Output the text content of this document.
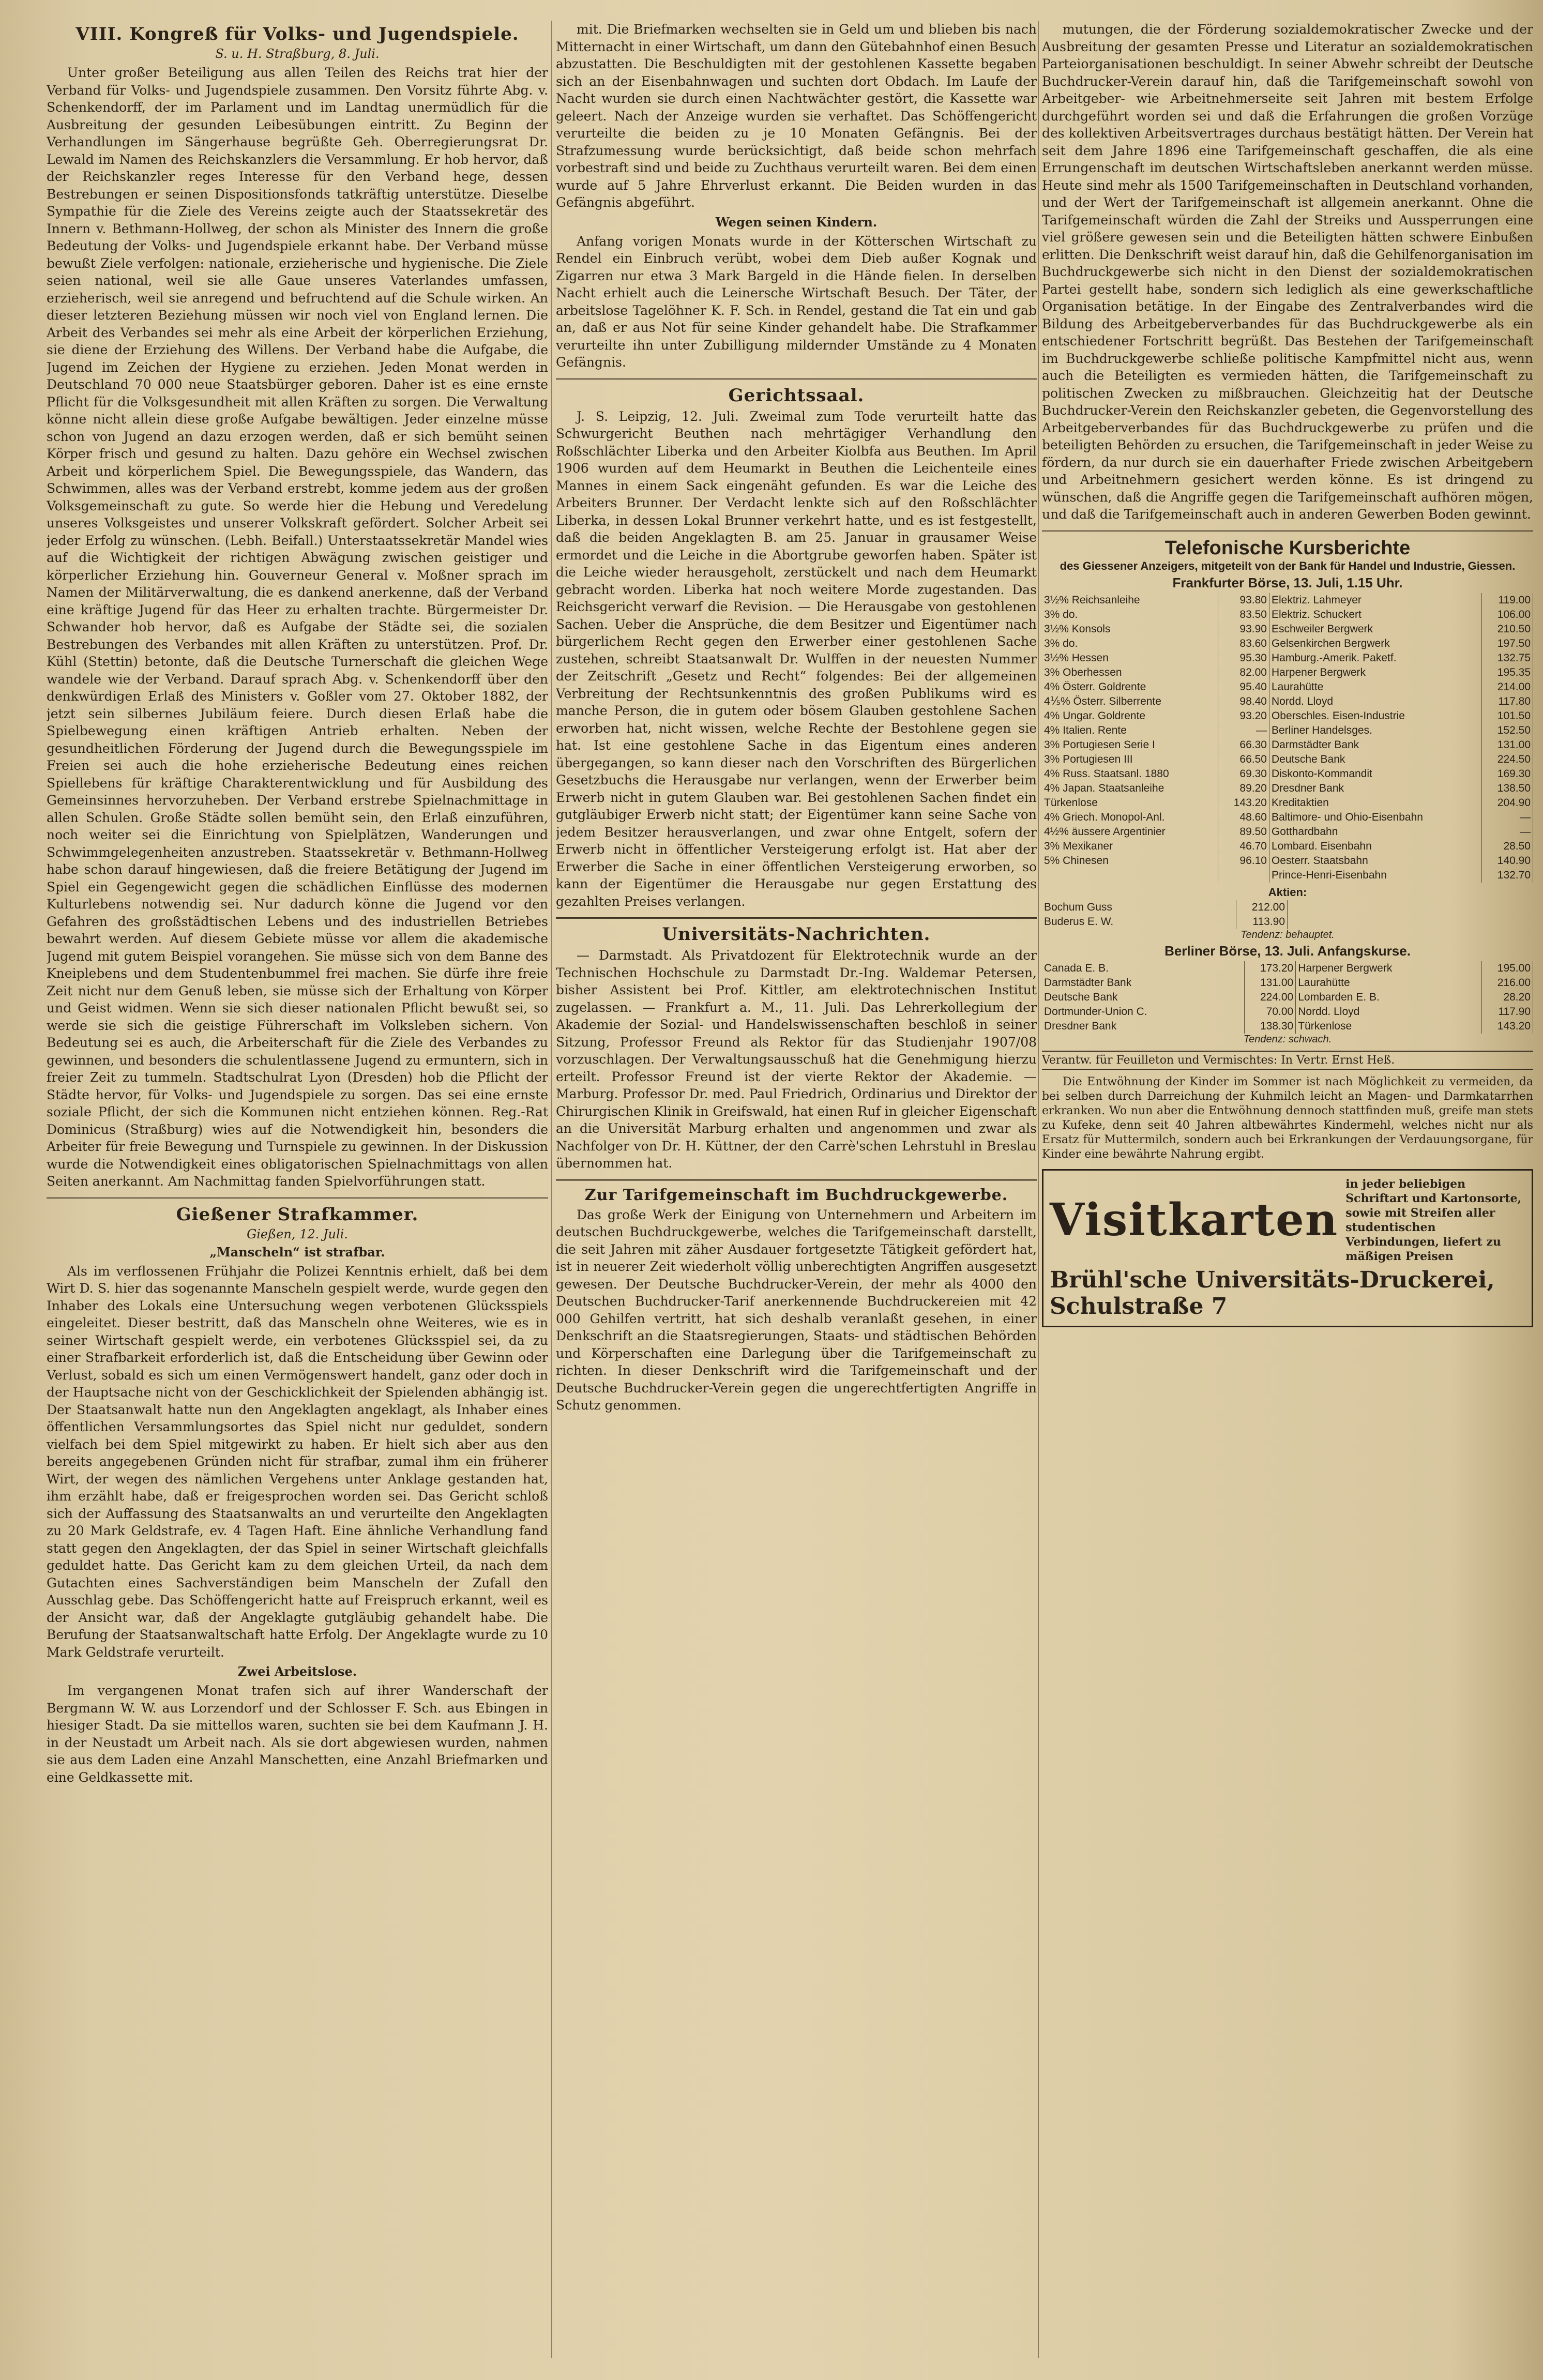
VIII. Kongreß für Volks- und Jugendspiele.
S. u. H. Straßburg, 8. Juli.

Unter großer Beteiligung aus allen Teilen des Reichs trat hier der Verband für Volks- und Jugendspiele zusammen. Den Vorsitz führte Abg. v. Schenkendorff, der im Parlament und im Landtag unermüdlich für die Ausbreitung der gesunden Leibesübungen eintritt. Zu Beginn der Verhandlungen im Sängerhause begrüßte Geh. Oberregierungsrat Dr. Lewald im Namen des Reichskanzlers die Versammlung. Er hob hervor, daß der Reichskanzler reges Interesse für den Verband hege, dessen Bestrebungen er seinen Dispositionsfonds tatkräftig unterstütze. Dieselbe Sympathie für die Ziele des Vereins zeigte auch der Staatssekretär des Innern v. Bethmann-Hollweg, der schon als Minister des Innern die große Bedeutung der Volks- und Jugendspiele erkannt habe. Der Verband müsse bewußt Ziele verfolgen: nationale, erzieherische und hygienische. Die Ziele seien national, weil sie alle Gaue unseres Vaterlandes umfassen, erzieherisch, weil sie anregend und befruchtend auf die Schule wirken. An dieser letzteren Beziehung müssen wir noch viel von England lernen. Die Arbeit des Verbandes sei mehr als eine Arbeit der körperlichen Erziehung, sie diene der Erziehung des Willens. Der Verband habe die Aufgabe, die Jugend im Zeichen der Hygiene zu erziehen. Jeden Monat werden in Deutschland 70 000 neue Staatsbürger geboren. Daher ist es eine ernste Pflicht für die Volksgesundheit mit allen Kräften zu sorgen. Die Verwaltung könne nicht allein diese große Aufgabe bewältigen. Jeder einzelne müsse schon von Jugend an dazu erzogen werden, daß er sich bemüht seinen Körper frisch und gesund zu halten. Dazu gehöre ein Wechsel zwischen Arbeit und körperlichem Spiel. Die Bewegungsspiele, das Wandern, das Schwimmen, alles was der Verband erstrebt, komme jedem aus der großen Volksgemeinschaft zu gute. So werde hier die Hebung und Veredelung unseres Volksgeistes und unserer Volkskraft gefördert. Solcher Arbeit sei jeder Erfolg zu wünschen. (Lebh. Beifall.) Unterstaatssekretär Mandel wies auf die Wichtigkeit der richtigen Abwägung zwischen geistiger und körperlicher Erziehung hin. Gouverneur General v. Moßner sprach im Namen der Militärverwaltung, die es dankend anerkenne, daß der Verband eine kräftige Jugend für das Heer zu erhalten trachte. Bürgermeister Dr. Schwander hob hervor, daß es Aufgabe der Städte sei, die sozialen Bestrebungen des Verbandes mit allen Kräften zu unterstützen. Prof. Dr. Kühl (Stettin) betonte, daß die Deutsche Turnerschaft die gleichen Wege wandele wie der Verband. Darauf sprach Abg. v. Schenkendorff über den denkwürdigen Erlaß des Ministers v. Goßler vom 27. Oktober 1882, der jetzt sein silbernes Jubiläum feiere. Durch diesen Erlaß habe die Spielbewegung einen kräftigen Antrieb erhalten. Neben der gesundheitlichen Förderung der Jugend durch die Bewegungsspiele im Freien sei auch die hohe erzieherische Bedeutung eines reichen Spiellebens für kräftige Charakterentwicklung und für Ausbildung des Gemeinsinnes hervorzuheben. Der Verband erstrebe Spielnachmittage in allen Schulen. Große Städte sollen bemüht sein, den Erlaß einzuführen, noch weiter sei die Einrichtung von Spielplätzen, Wanderungen und Schwimmgelegenheiten anzustreben. Staatssekretär v. Bethmann-Hollweg habe schon darauf hingewiesen, daß die freiere Betätigung der Jugend im Spiel ein Gegengewicht gegen die schädlichen Einflüsse des modernen Kulturlebens notwendig sei. Nur dadurch könne die Jugend vor den Gefahren des großstädtischen Lebens und des industriellen Betriebes bewahrt werden. Auf diesem Gebiete müsse vor allem die akademische Jugend mit gutem Beispiel vorangehen. Sie müsse sich von dem Banne des Kneiplebens und dem Studentenbummel frei machen. Sie dürfe ihre freie Zeit nicht nur dem Genuß leben, sie müsse sich der Erhaltung von Körper und Geist widmen. Wenn sie sich dieser nationalen Pflicht bewußt sei, so werde sie sich die geistige Führerschaft im Volksleben sichern. Von Bedeutung sei es auch, die Arbeiterschaft für die Ziele des Verbandes zu gewinnen, und besonders die schulentlassene Jugend zu ermuntern, sich in freier Zeit zu tummeln. Stadtschulrat Lyon (Dresden) hob die Pflicht der Städte hervor, für Volks- und Jugendspiele zu sorgen. Das sei eine ernste soziale Pflicht, der sich die Kommunen nicht entziehen können. Reg.-Rat Dominicus (Straßburg) wies auf die Notwendigkeit hin, besonders die Arbeiter für freie Bewegung und Turnspiele zu gewinnen. In der Diskussion wurde die Notwendigkeit eines obligatorischen Spielnachmittags von allen Seiten anerkannt. Am Nachmittag fanden Spielvorführungen statt.

Gießener Strafkammer.
Gießen, 12. Juli.
„Manscheln“ ist strafbar.

Als im verflossenen Frühjahr die Polizei Kenntnis erhielt, daß bei dem Wirt D. S. hier das sogenannte Manscheln gespielt werde, wurde gegen den Inhaber des Lokals eine Untersuchung wegen verbotenen Glücksspiels eingeleitet. Dieser bestritt, daß das Manscheln ohne Weiteres, wie es in seiner Wirtschaft gespielt werde, ein verbotenes Glücksspiel sei, da zu einer Strafbarkeit erforderlich ist, daß die Entscheidung über Gewinn oder Verlust, sobald es sich um einen Vermögenswert handelt, ganz oder doch in der Hauptsache nicht von der Geschicklichkeit der Spielenden abhängig ist. Der Staatsanwalt hatte nun den Angeklagten angeklagt, als Inhaber eines öffentlichen Versammlungsortes das Spiel nicht nur geduldet, sondern vielfach bei dem Spiel mitgewirkt zu haben. Er hielt sich aber aus den bereits angegebenen Gründen nicht für strafbar, zumal ihm ein früherer Wirt, der wegen des nämlichen Vergehens unter Anklage gestanden hat, ihm erzählt habe, daß er freigesprochen worden sei. Das Gericht schloß sich der Auffassung des Staatsanwalts an und verurteilte den Angeklagten zu 20 Mark Geldstrafe, ev. 4 Tagen Haft. Eine ähnliche Verhandlung fand statt gegen den Angeklagten, der das Spiel in seiner Wirtschaft gleichfalls geduldet hatte. Das Gericht kam zu dem gleichen Urteil, da nach dem Gutachten eines Sachverständigen beim Manscheln der Zufall den Ausschlag gebe. Das Schöffengericht hatte auf Freispruch erkannt, weil es der Ansicht war, daß der Angeklagte gutgläubig gehandelt habe. Die Berufung der Staatsanwaltschaft hatte Erfolg. Der Angeklagte wurde zu 10 Mark Geldstrafe verurteilt.

Zwei Arbeitslose.

Im vergangenen Monat trafen sich auf ihrer Wanderschaft der Bergmann W. W. aus Lorzendorf und der Schlosser F. Sch. aus Ebingen in hiesiger Stadt. Da sie mittellos waren, suchten sie bei dem Kaufmann J. H. in der Neustadt um Arbeit nach. Als sie dort abgewiesen wurden, nahmen sie aus dem Laden eine Anzahl Manschetten, eine Anzahl Briefmarken und eine Geldkassette mit.

mit. Die Briefmarken wechselten sie in Geld um und blieben bis nach Mitternacht in einer Wirtschaft, um dann den Gütebahnhof einen Besuch abzustatten. Die Beschuldigten mit der gestohlenen Kassette begaben sich an der Eisenbahnwagen und suchten dort Obdach. Im Laufe der Nacht wurden sie durch einen Nachtwächter gestört, die Kassette war geleert. Nach der Anzeige wurden sie verhaftet. Das Schöffengericht verurteilte die beiden zu je 10 Monaten Gefängnis. Bei der Strafzumessung wurde berücksichtigt, daß beide schon mehrfach vorbestraft sind und beide zu Zuchthaus verurteilt waren. Bei dem einen wurde auf 5 Jahre Ehrverlust erkannt. Die Beiden wurden in das Gefängnis abgeführt.

Wegen seinen Kindern.

Anfang vorigen Monats wurde in der Kötterschen Wirtschaft zu Rendel ein Einbruch verübt, wobei dem Dieb außer Kognak und Zigarren nur etwa 3 Mark Bargeld in die Hände fielen. In derselben Nacht erhielt auch die Leinersche Wirtschaft Besuch. Der Täter, der arbeitslose Tagelöhner K. F. Sch. in Rendel, gestand die Tat ein und gab an, daß er aus Not für seine Kinder gehandelt habe. Die Strafkammer verurteilte ihn unter Zubilligung mildernder Umstände zu 4 Monaten Gefängnis.

Gerichtssaal.

J. S. Leipzig, 12. Juli. Zweimal zum Tode verurteilt hatte das Schwurgericht Beuthen nach mehrtägiger Verhandlung den Roßschlächter Liberka und den Arbeiter Kiolbfa aus Beuthen. Im April 1906 wurden auf dem Heumarkt in Beuthen die Leichenteile eines Mannes in einem Sack eingenäht gefunden. Es war die Leiche des Arbeiters Brunner. Der Verdacht lenkte sich auf den Roßschlächter Liberka, in dessen Lokal Brunner verkehrt hatte, und es ist festgestellt, daß die beiden Angeklagten B. am 25. Januar in grausamer Weise ermordet und die Leiche in die Abortgrube geworfen haben. Später ist die Leiche wieder herausgeholt, zerstückelt und nach dem Heumarkt gebracht worden. Liberka hat noch weitere Morde zugestanden. Das Reichsgericht verwarf die Revision. — Die Herausgabe von gestohlenen Sachen. Ueber die Ansprüche, die dem Besitzer und Eigentümer nach bürgerlichem Recht gegen den Erwerber einer gestohlenen Sache zustehen, schreibt Staatsanwalt Dr. Wulffen in der neuesten Nummer der Zeitschrift „Gesetz und Recht“ folgendes: Bei der allgemeinen Verbreitung der Rechtsunkenntnis des großen Publikums wird es manche Person, die in gutem oder bösem Glauben gestohlene Sachen erworben hat, nicht wissen, welche Rechte der Bestohlene gegen sie hat. Ist eine gestohlene Sache in das Eigentum eines anderen übergegangen, so kann dieser nach den Vorschriften des Bürgerlichen Gesetzbuchs die Herausgabe nur verlangen, wenn der Erwerber beim Erwerb nicht in gutem Glauben war. Bei gestohlenen Sachen findet ein gutgläubiger Erwerb nicht statt; der Eigentümer kann seine Sache von jedem Besitzer herausverlangen, und zwar ohne Entgelt, sofern der Erwerb nicht in öffentlicher Versteigerung erfolgt ist. Hat aber der Erwerber die Sache in einer öffentlichen Versteigerung erworben, so kann der Eigentümer die Herausgabe nur gegen Erstattung des gezahlten Preises verlangen.

Universitäts-Nachrichten.

— Darmstadt. Als Privatdozent für Elektrotechnik wurde an der Technischen Hochschule zu Darmstadt Dr.-Ing. Waldemar Petersen, bisher Assistent bei Prof. Kittler, am elektrotechnischen Institut zugelassen. — Frankfurt a. M., 11. Juli. Das Lehrerkollegium der Akademie der Sozial- und Handelswissenschaften beschloß in seiner Sitzung, Professor Freund als Rektor für das Studienjahr 1907/08 vorzuschlagen. Der Verwaltungsausschuß hat die Genehmigung hierzu erteilt. Professor Freund ist der vierte Rektor der Akademie. — Marburg. Professor Dr. med. Paul Friedrich, Ordinarius und Direktor der Chirurgischen Klinik in Greifswald, hat einen Ruf in gleicher Eigenschaft an die Universität Marburg erhalten und angenommen und zwar als Nachfolger von Dr. H. Küttner, der den Carrè'schen Lehrstuhl in Breslau übernommen hat.

Zur Tarifgemeinschaft im Buchdruckgewerbe.

Das große Werk der Einigung von Unternehmern und Arbeitern im deutschen Buchdruckgewerbe, welches die Tarifgemeinschaft darstellt, die seit Jahren mit zäher Ausdauer fortgesetzte Tätigkeit gefördert hat, ist in neuerer Zeit wiederholt völlig unberechtigten Angriffen ausgesetzt gewesen. Der Deutsche Buchdrucker-Verein, der mehr als 4000 den Deutschen Buchdrucker-Tarif anerkennende Buchdruckereien mit 42 000 Gehilfen vertritt, hat sich deshalb veranlaßt gesehen, in einer Denkschrift an die Staatsregierungen, Staats- und städtischen Behörden und Körperschaften eine Darlegung über die Tarifgemeinschaft zu richten. In dieser Denkschrift wird die Tarifgemeinschaft und der Deutsche Buchdrucker-Verein gegen die ungerechtfertigten Angriffe in Schutz genommen.

mutungen, die der Förderung sozialdemokratischer Zwecke und der Ausbreitung der gesamten Presse und Literatur an sozialdemokratischen Parteiorganisationen beschuldigt. In seiner Abwehr schreibt der Deutsche Buchdrucker-Verein darauf hin, daß die Tarifgemeinschaft sowohl von Arbeitgeber- wie Arbeitnehmerseite seit Jahren mit bestem Erfolge durchgeführt worden sei und daß die Erfahrungen die großen Vorzüge des kollektiven Arbeitsvertrages durchaus bestätigt hätten. Der Verein hat seit dem Jahre 1896 eine Tarifgemeinschaft geschaffen, die als eine Errungenschaft im deutschen Wirtschaftsleben anerkannt werden müsse. Heute sind mehr als 1500 Tarifgemeinschaften in Deutschland vorhanden, und der Wert der Tarifgemeinschaft ist allgemein anerkannt. Ohne die Tarifgemeinschaft würden die Zahl der Streiks und Aussperrungen eine viel größere gewesen sein und die Beteiligten hätten schwere Einbußen erlitten. Die Denkschrift weist darauf hin, daß die Gehilfenorganisation im Buchdruckgewerbe sich nicht in den Dienst der sozialdemokratischen Partei gestellt habe, sondern sich lediglich als eine gewerkschaftliche Organisation betätige. In der Eingabe des Zentralverbandes wird die Bildung des Arbeitgeberverbandes für das Buchdruckgewerbe als ein entschiedener Fortschritt begrüßt. Das Bestehen der Tarifgemeinschaft im Buchdruckgewerbe schließe politische Kampfmittel nicht aus, wenn auch die Beteiligten es vermieden hätten, die Tarifgemeinschaft zu politischen Zwecken zu mißbrauchen. Gleichzeitig hat der Deutsche Buchdrucker-Verein den Reichskanzler gebeten, die Gegenvorstellung des Arbeitgeberverbandes für das Buchdruckgewerbe zu prüfen und die beteiligten Behörden zu ersuchen, die Tarifgemeinschaft in jeder Weise zu fördern, da nur durch sie ein dauerhafter Friede zwischen Arbeitgebern und Arbeitnehmern gesichert werden könne. Es ist dringend zu wünschen, daß die Angriffe gegen die Tarifgemeinschaft aufhören mögen, und daß die Tarifgemeinschaft auch in anderen Gewerben Boden gewinnt.

Telefonische Kursberichte
des Giessener Anzeigers, mitgeteilt von der Bank für Handel und Industrie, Giessen.
Frankfurter Börse, 13. Juli, 1.15 Uhr.
3½% Reichsanleihe	93.80	Elektriz. Lahmeyer	119.00
3% do.	83.50	Elektriz. Schuckert	106.00
3½% Konsols	93.90	Eschweiler Bergwerk	210.50
3% do.	83.60	Gelsenkirchen Bergwerk	197.50
3½% Hessen	95.30	Hamburg.-Amerik. Paketf.	132.75
3% Oberhessen	82.00	Harpener Bergwerk	195.35
4% Österr. Goldrente	95.40	Laurahütte	214.00
4⅕% Österr. Silberrente	98.40	Nordd. Lloyd	117.80
4% Ungar. Goldrente	93.20	Oberschles. Eisen-Industrie	101.50
4% Italien. Rente	—	Berliner Handelsges.	152.50
3% Portugiesen Serie I	66.30	Darmstädter Bank	131.00
3% Portugiesen III	66.50	Deutsche Bank	224.50
4% Russ. Staatsanl. 1880	69.30	Diskonto-Kommandit	169.30
4% Japan. Staatsanleihe	89.20	Dresdner Bank	138.50
Türkenlose	143.20	Kreditaktien	204.90
4% Griech. Monopol-Anl.	48.60	Baltimore- und Ohio-Eisenbahn	—
4½% äussere Argentinier	89.50	Gotthardbahn	—
3% Mexikaner	46.70	Lombard. Eisenbahn	28.50
5% Chinesen	96.10	Oesterr. Staatsbahn	140.90
		Prince-Henri-Eisenbahn	132.70
Aktien:
Bochum Guss	212.00
Buderus E. W.	113.90
Tendenz: behauptet.
Berliner Börse, 13. Juli. Anfangskurse.
Canada E. B.	173.20	Harpener Bergwerk	195.00
Darmstädter Bank	131.00	Laurahütte	216.00
Deutsche Bank	224.00	Lombarden E. B.	28.20
Dortmunder-Union C.	70.00	Nordd. Lloyd	117.90
Dresdner Bank	138.30	Türkenlose	143.20
Tendenz: schwach.
Verantw. für Feuilleton und Vermischtes: In Vertr. Ernst Heß.

Die Entwöhnung der Kinder im Sommer ist nach Möglichkeit zu vermeiden, da bei selben durch Darreichung der Kuhmilch leicht an Magen- und Darmkatarrhen erkranken. Wo nun aber die Entwöhnung dennoch stattfinden muß, greife man stets zu Kufeke, denn seit 40 Jahren altbewährtes Kindermehl, welches nicht nur als Ersatz für Muttermilch, sondern auch bei Erkrankungen der Verdauungsorgane, für Kinder eine bewährte Nahrung ergibt.

Visitkarten
in jeder beliebigen Schriftart und Kartonsorte, sowie mit Streifen aller studentischen Verbindungen, liefert zu mäßigen Preisen
Brühl'sche Universitäts-Druckerei, Schulstraße 7
